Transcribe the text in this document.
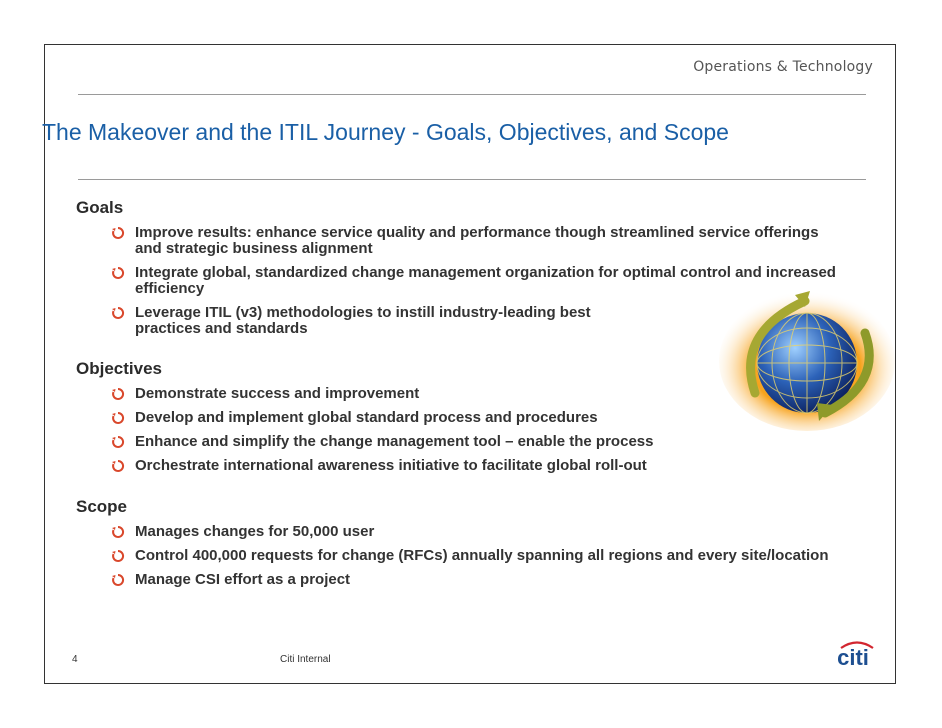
Operations & Technology
The Makeover and the ITIL Journey - Goals, Objectives, and Scope
Goals
Improve results: enhance service quality and performance though streamlined service offerings and strategic business alignment
Integrate global, standardized change management organization for optimal control and increased efficiency
Leverage ITIL (v3) methodologies to instill industry-leading best practices and standards
Objectives
Demonstrate success and improvement
Develop and implement global standard process and procedures
Enhance and simplify the change management tool – enable the process
Orchestrate international awareness initiative to facilitate global roll-out
Scope
Manages changes for 50,000 user
Control 400,000 requests for change (RFCs) annually spanning all regions and every site/location
Manage CSI effort as a project
4	Citi Internal	citi
